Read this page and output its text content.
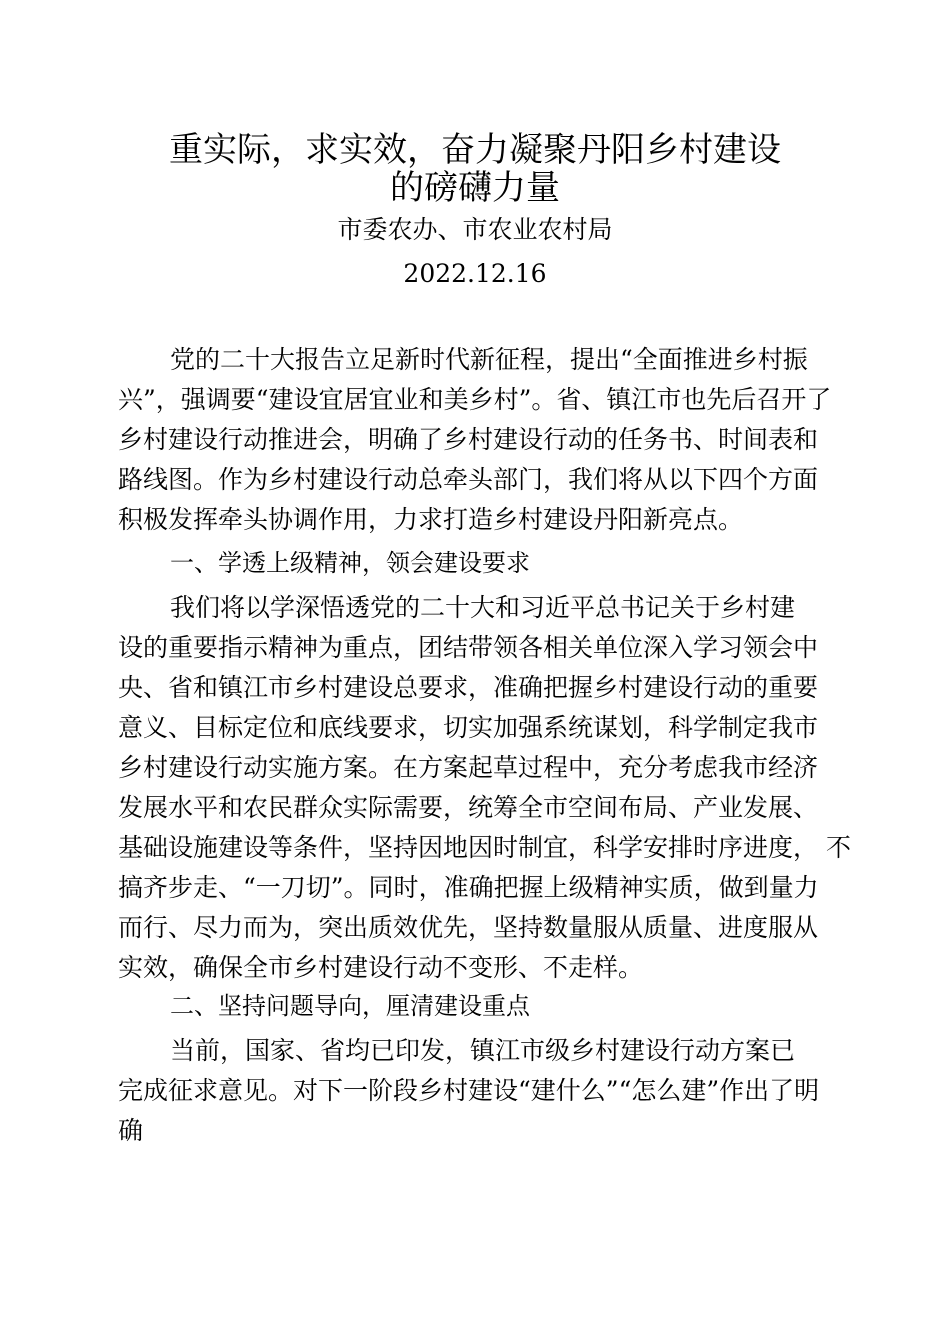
重实际，求实效，奋力凝聚丹阳乡村建设
的磅礴力量
市委农办、市农业农村局
2022.12.16
党的二十大报告立足新时代新征程，提出“全面推进乡村振
兴”，强调要“建设宜居宜业和美乡村”。省、镇江市也先后召开了
乡村建设行动推进会，明确了乡村建设行动的任务书、时间表和
路线图。作为乡村建设行动总牵头部门，我们将从以下四个方面
积极发挥牵头协调作用，力求打造乡村建设丹阳新亮点。
一、学透上级精神，领会建设要求
我们将以学深悟透党的二十大和习近平总书记关于乡村建
设的重要指示精神为重点，团结带领各相关单位深入学习领会中
央、省和镇江市乡村建设总要求，准确把握乡村建设行动的重要
意义、目标定位和底线要求，切实加强系统谋划，科学制定我市
乡村建设行动实施方案。在方案起草过程中，充分考虑我市经济
发展水平和农民群众实际需要，统筹全市空间布局、产业发展、
基础设施建设等条件，坚持因地因时制宜，科学安排时序进度， 不
搞齐步走、“一刀切”。同时，准确把握上级精神实质，做到量力
而行、尽力而为，突出质效优先，坚持数量服从质量、进度服从
实效，确保全市乡村建设行动不变形、不走样。
二、坚持问题导向，厘清建设重点
当前，国家、省均已印发，镇江市级乡村建设行动方案已
完成征求意见。对下一阶段乡村建设“建什么”“怎么建”作出了明
确
